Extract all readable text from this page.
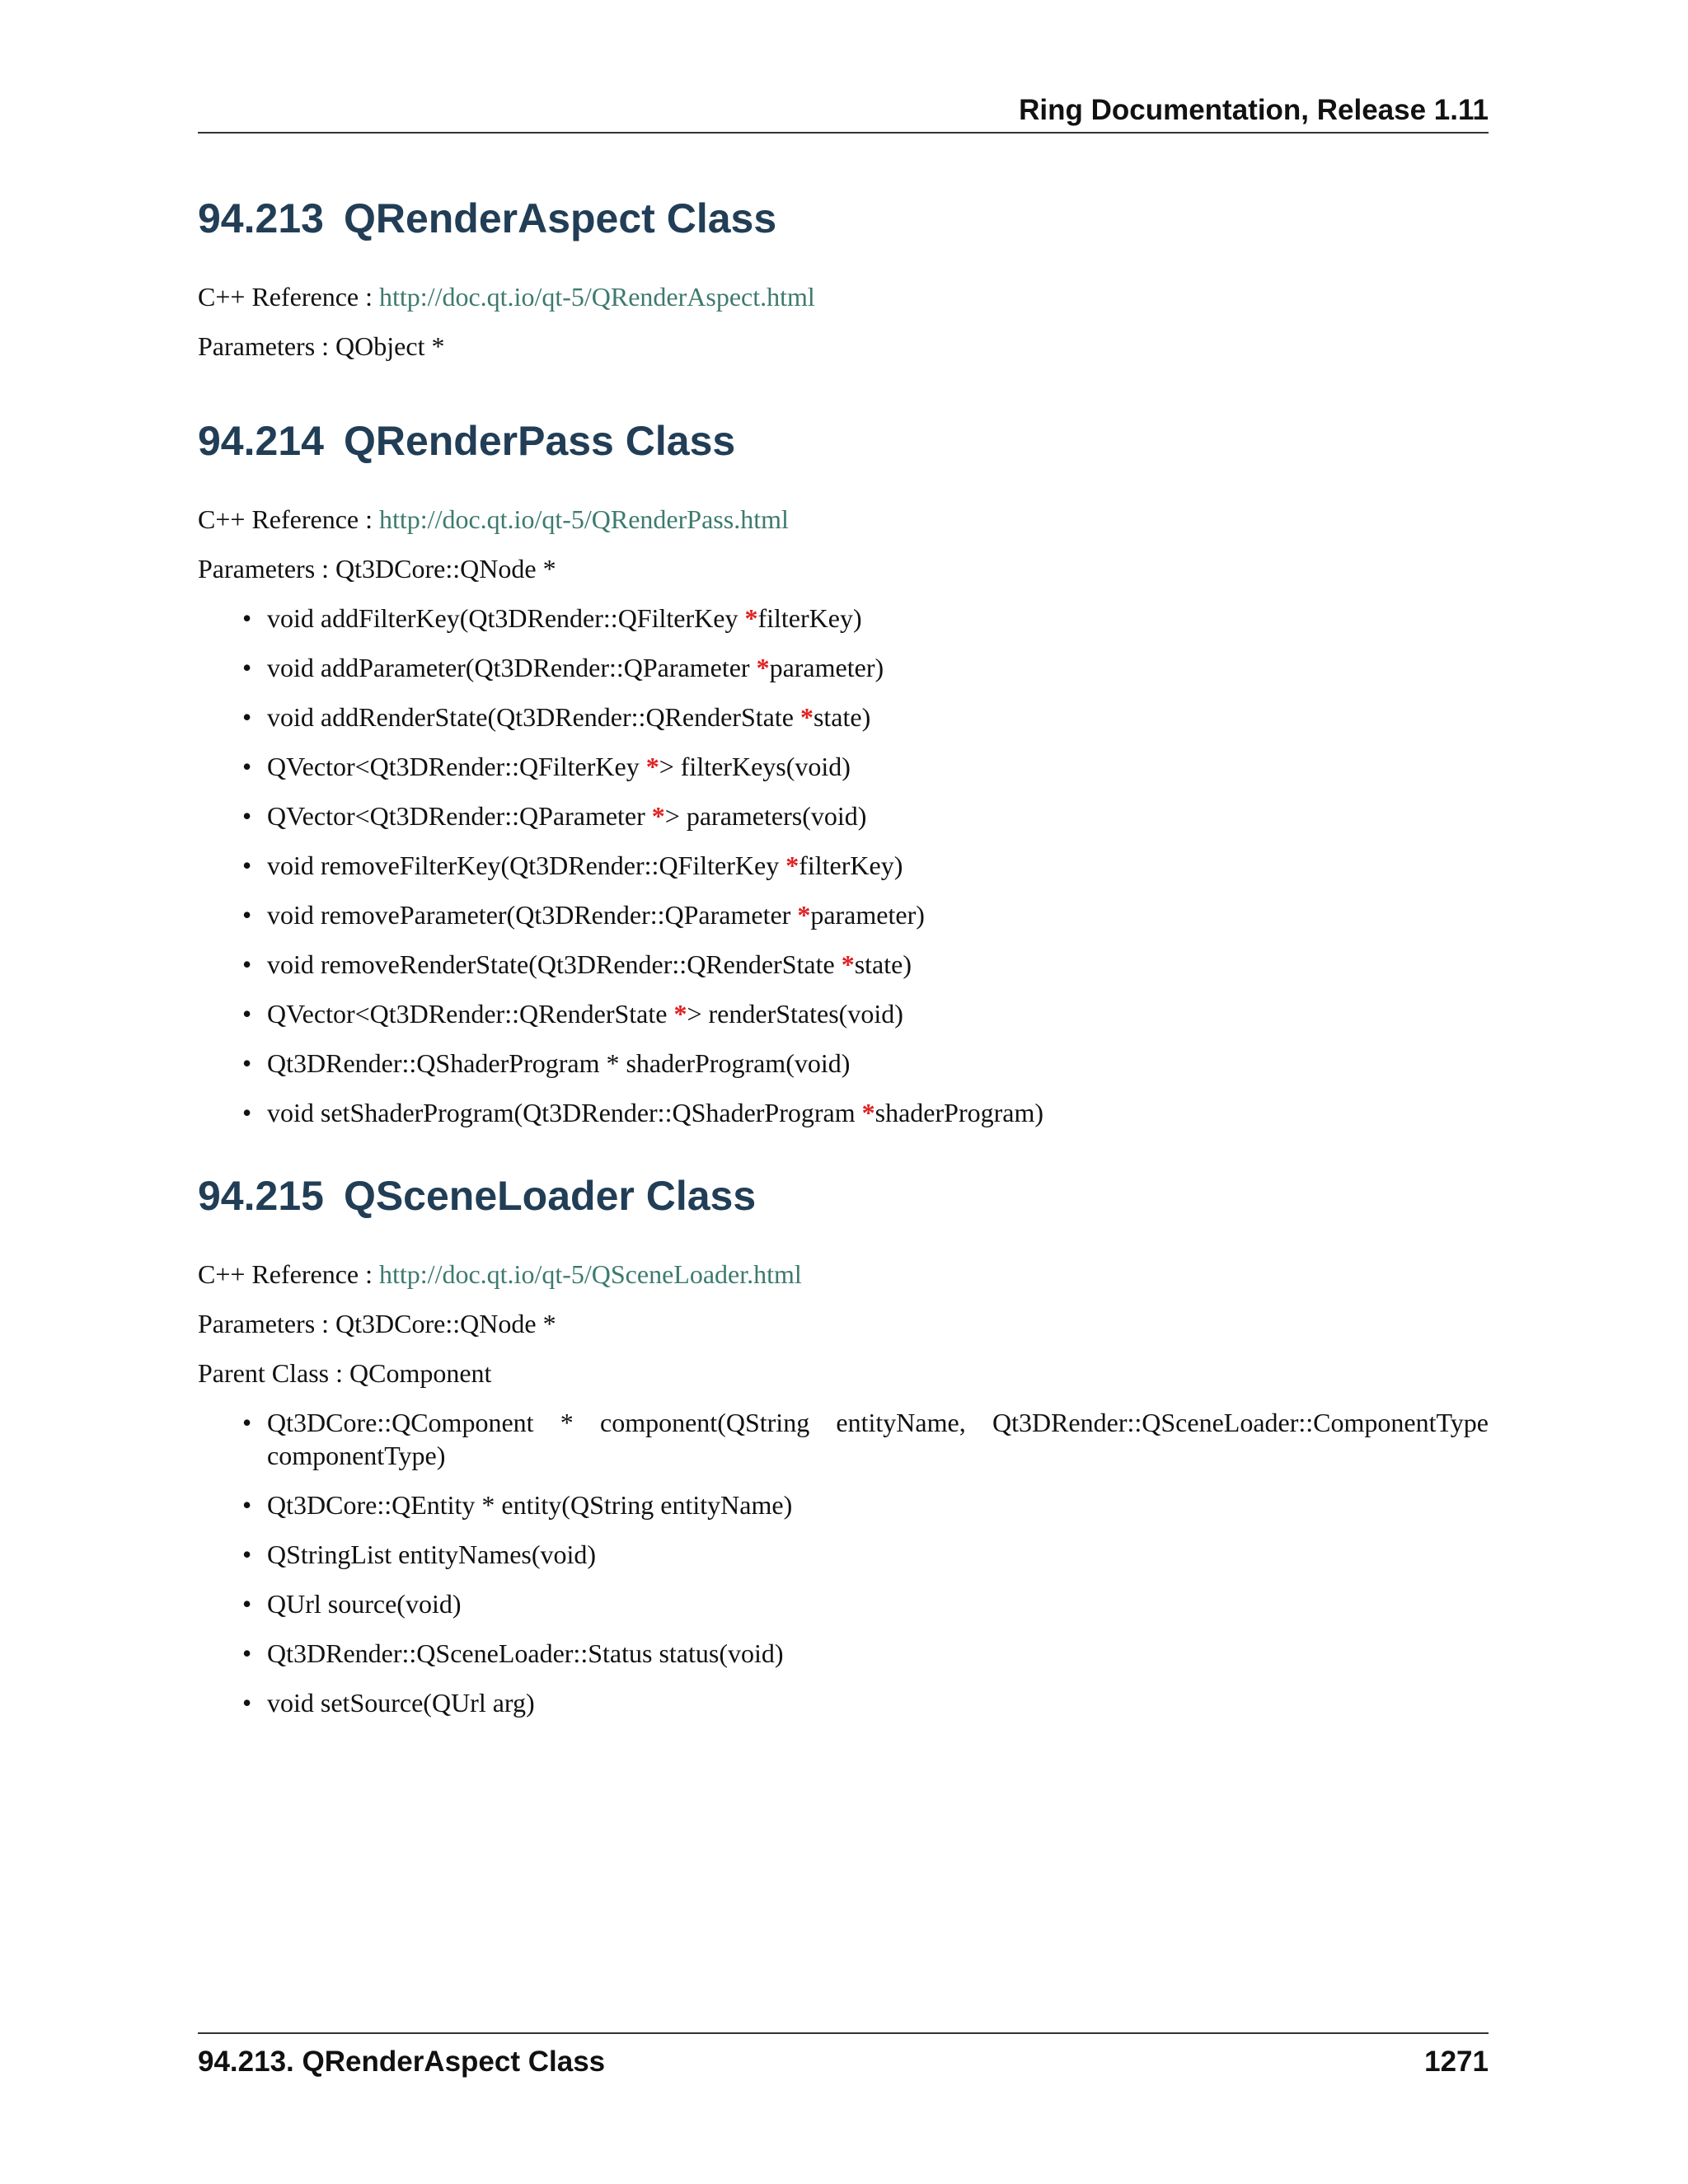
Ring Documentation, Release 1.11
94.213 QRenderAspect Class

C++ Reference : http://doc.qt.io/qt-5/QRenderAspect.html

Parameters : QObject *

94.214 QRenderPass Class

C++ Reference : http://doc.qt.io/qt-5/QRenderPass.html

Parameters : Qt3DCore::QNode *

• void addFilterKey(Qt3DRender::QFilterKey *filterKey)
• void addParameter(Qt3DRender::QParameter *parameter)
• void addRenderState(Qt3DRender::QRenderState *state)
• QVector<Qt3DRender::QFilterKey *> filterKeys(void)
• QVector<Qt3DRender::QParameter *> parameters(void)
• void removeFilterKey(Qt3DRender::QFilterKey *filterKey)
• void removeParameter(Qt3DRender::QParameter *parameter)
• void removeRenderState(Qt3DRender::QRenderState *state)
• QVector<Qt3DRender::QRenderState *> renderStates(void)
• Qt3DRender::QShaderProgram * shaderProgram(void)
• void setShaderProgram(Qt3DRender::QShaderProgram *shaderProgram)
94.215 QSceneLoader Class

C++ Reference : http://doc.qt.io/qt-5/QSceneLoader.html

Parameters : Qt3DCore::QNode *

Parent Class : QComponent

• Qt3DCore::QComponent * component(QString entityName, Qt3DRender::QSceneLoader::ComponentType componentType)
• Qt3DCore::QEntity * entity(QString entityName)
• QStringList entityNames(void)
• QUrl source(void)
• Qt3DRender::QSceneLoader::Status status(void)
• void setSource(QUrl arg)
94.213. QRenderAspect Class	1271
